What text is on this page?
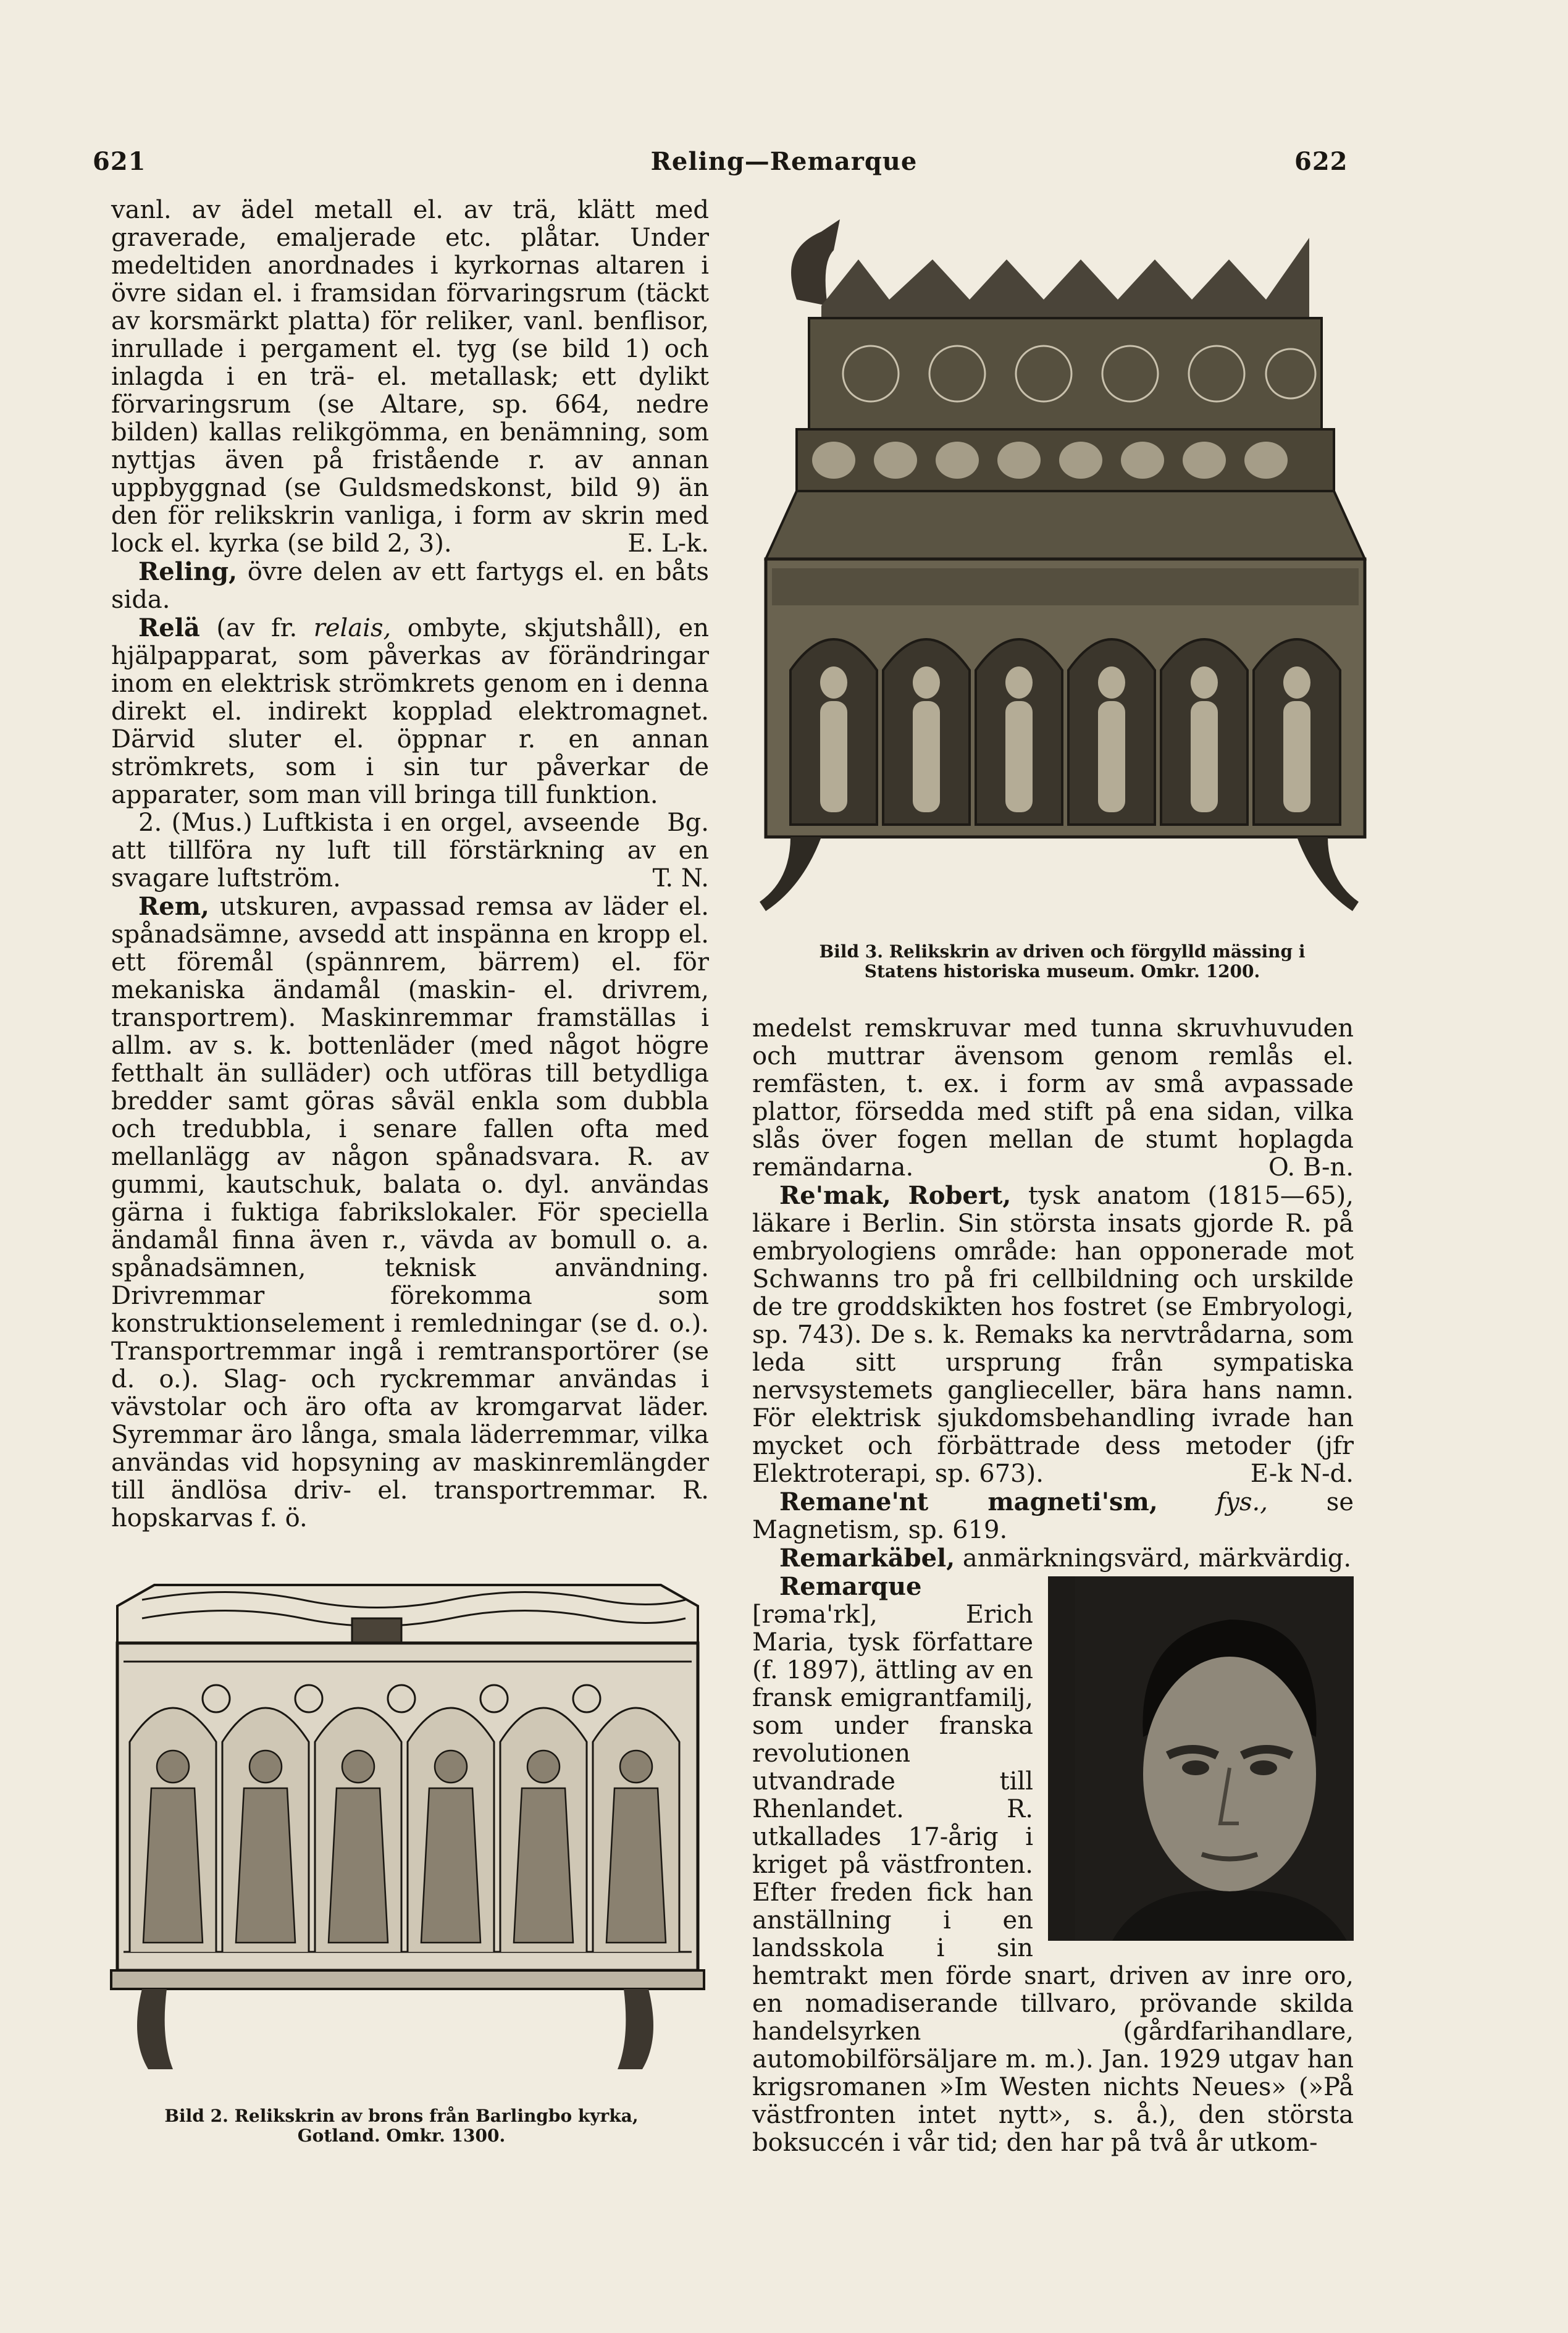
621	Reling—Remarque	622

vanl. av ädel metall el. av trä, klätt med graverade, emaljerade etc. plåtar. Under medeltiden anordnades i kyrkornas altaren i övre sidan el. i framsidan förvaringsrum (täckt av korsmärkt platta) för reliker, vanl. benflisor, inrullade i pergament el. tyg (se bild 1) och inlagda i en trä- el. metallask; ett dylikt förvaringsrum (se Altare, sp. 664, nedre bilden) kallas relikgömma, en benämning, som nyttjas även på fristående r. av annan uppbyggnad (se Guldsmedskonst, bild 9) än den för relikskrin vanliga, i form av skrin med lock el. kyrka (se bild 2, 3).	E. L-k.

Reling, övre delen av ett fartygs el. en båts sida.

Relä (av fr. relais, ombyte, skjutshåll), en hjälpapparat, som påverkas av förändringar inom en elektrisk strömkrets genom en i denna direkt el. indirekt kopplad elektromagnet. Därvid sluter el. öppnar r. en annan strömkrets, som i sin tur påverkar de apparater, som man vill bringa till funktion.
Bg.

2. (Mus.) Luftkista i en orgel, avseende att tillföra ny luft till förstärkning av en svagare luftström.	T. N.

Rem, utskuren, avpassad remsa av läder el. spånadsämne, avsedd att inspänna en kropp el. ett föremål (spännrem, bärrem) el. för mekaniska ändamål (maskin- el. drivrem, transportrem). Maskinremmar framställas i allm. av s. k. bottenläder (med något högre fetthalt än sulläder) och utföras till betydliga bredder samt göras såväl enkla som dubbla och tredubbla, i senare fallen ofta med mellanlägg av någon spånadsvara. R. av gummi, kautschuk, balata o. dyl. användas gärna i fuktiga fabrikslokaler. För speciella ändamål finna även r., vävda av bomull o. a. spånadsämnen, teknisk användning. Drivremmar förekomma som konstruktionselement i remledningar (se d. o.). Transportremmar ingå i remtransportörer (se d. o.). Slag- och ryckremmar användas i vävstolar och äro ofta av kromgarvat läder. Syremmar äro långa, smala läderremmar, vilka användas vid hopsyning av maskinremlängder till ändlösa driv- el. transportremmar. R. hopskarvas f. ö.

Bild 2. Relikskrin av brons från Barlingbo kyrka,
Gotland. Omkr. 1300.
Bild 3. Relikskrin av driven och förgylld mässing i
Statens historiska museum. Omkr. 1200.

medelst remskruvar med tunna skruvhuvuden och muttrar ävensom genom remlås el. remfästen, t. ex. i form av små avpassade plattor, försedda med stift på ena sidan, vilka slås över fogen mellan de stumt hoplagda remändarna.	O. B-n.

Re'mak, Robert, tysk anatom (1815—65), läkare i Berlin. Sin största insats gjorde R. på embryologiens område: han opponerade mot Schwanns tro på fri cellbildning och urskilde de tre groddskikten hos fostret (se Embryologi, sp. 743). De s. k. Remaks ka nervtrådarna, som leda sitt ursprung från sympatiska nervsystemets ganglieceller, bära hans namn. För elektrisk sjukdomsbehandling ivrade han mycket och förbättrade dess metoder (jfr Elektroterapi, sp. 673).	E-k N-d.

Remane'nt magneti'sm, fys., se Magnetism, sp. 619.

Remarkäbel, anmärkningsvärd, märkvärdig.

Remarque [rəma'rk], Erich Maria, tysk författare (f. 1897), ättling av en fransk emigrantfamilj, som under franska revolutionen utvandrade till Rhenlandet. R. utkallades 17-årig i kriget på västfronten. Efter freden fick han anställning i en landsskola i sin hemtrakt men förde snart, driven av inre oro, en nomadiserande tillvaro, prövande skilda handelsyrken (gårdfarihandlare, automobilförsäljare m. m.). Jan. 1929 utgav han krigsromanen »Im Westen nichts Neues» (»På västfronten intet nytt», s. å.), den största boksuccén i vår tid; den har på två år utkom-
